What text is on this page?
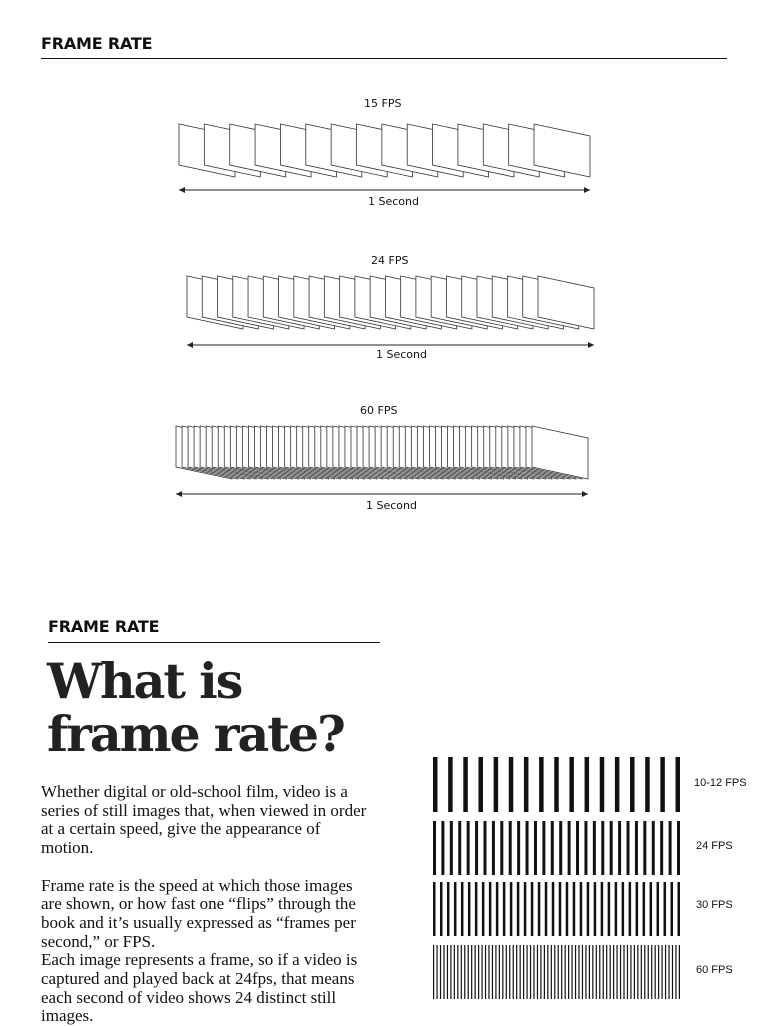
FRAME RATE
15 FPS
1 Second
24 FPS
1 Second
60 FPS
1 Second
FRAME RATE
What is
frame rate?

Whether digital or old-school film, video is a series of still images that, when viewed in order at a certain speed, give the appearance of motion.

Frame rate is the speed at which those images are shown, or how fast one “flips” through the book and it’s usually expressed as “frames per second,” or FPS.

Each image represents a frame, so if a video is captured and played back at 24fps, that means each second of video shows 24 distinct still images.

10-12 FPS
24 FPS
30 FPS
60 FPS
